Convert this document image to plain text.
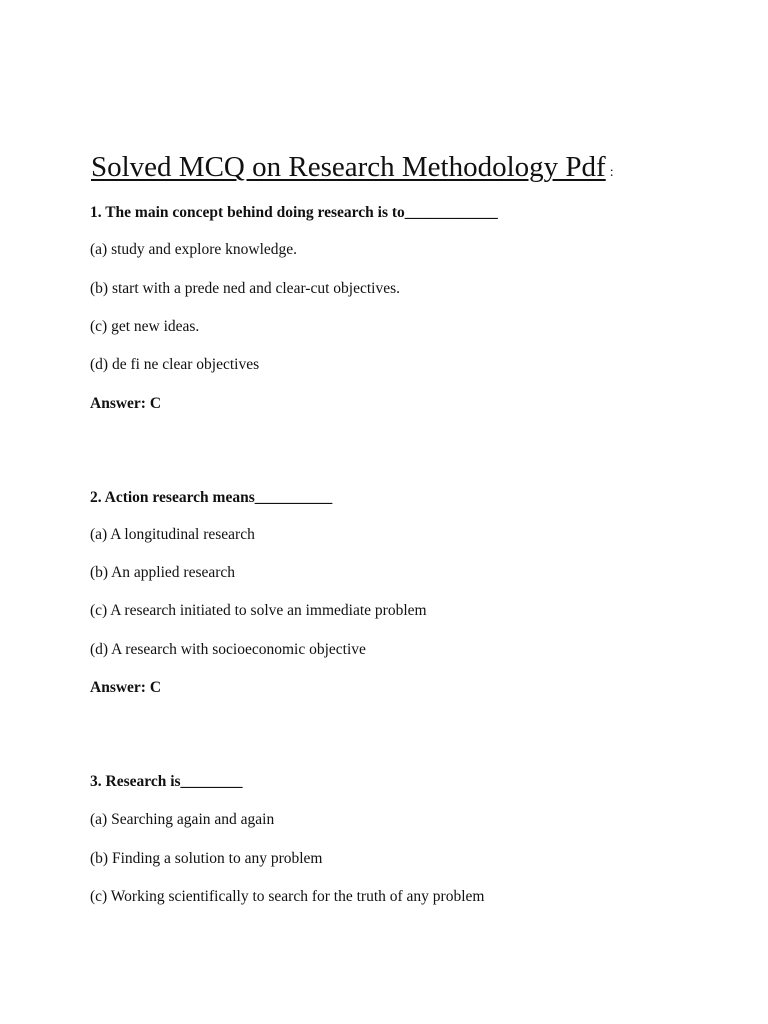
Solved MCQ on Research Methodology Pdf :
1. The main concept behind doing research is to____________
(a) study and explore knowledge.
(b) start with a prede ned and clear-cut objectives.
(c) get new ideas.
(d) de fi ne clear objectives
Answer: C
2. Action research means__________
(a) A longitudinal research
(b) An applied research
(c) A research initiated to solve an immediate problem
(d) A research with socioeconomic objective
Answer: C
3. Research is________
(a) Searching again and again
(b) Finding a solution to any problem
(c) Working scientifically to search for the truth of any problem
